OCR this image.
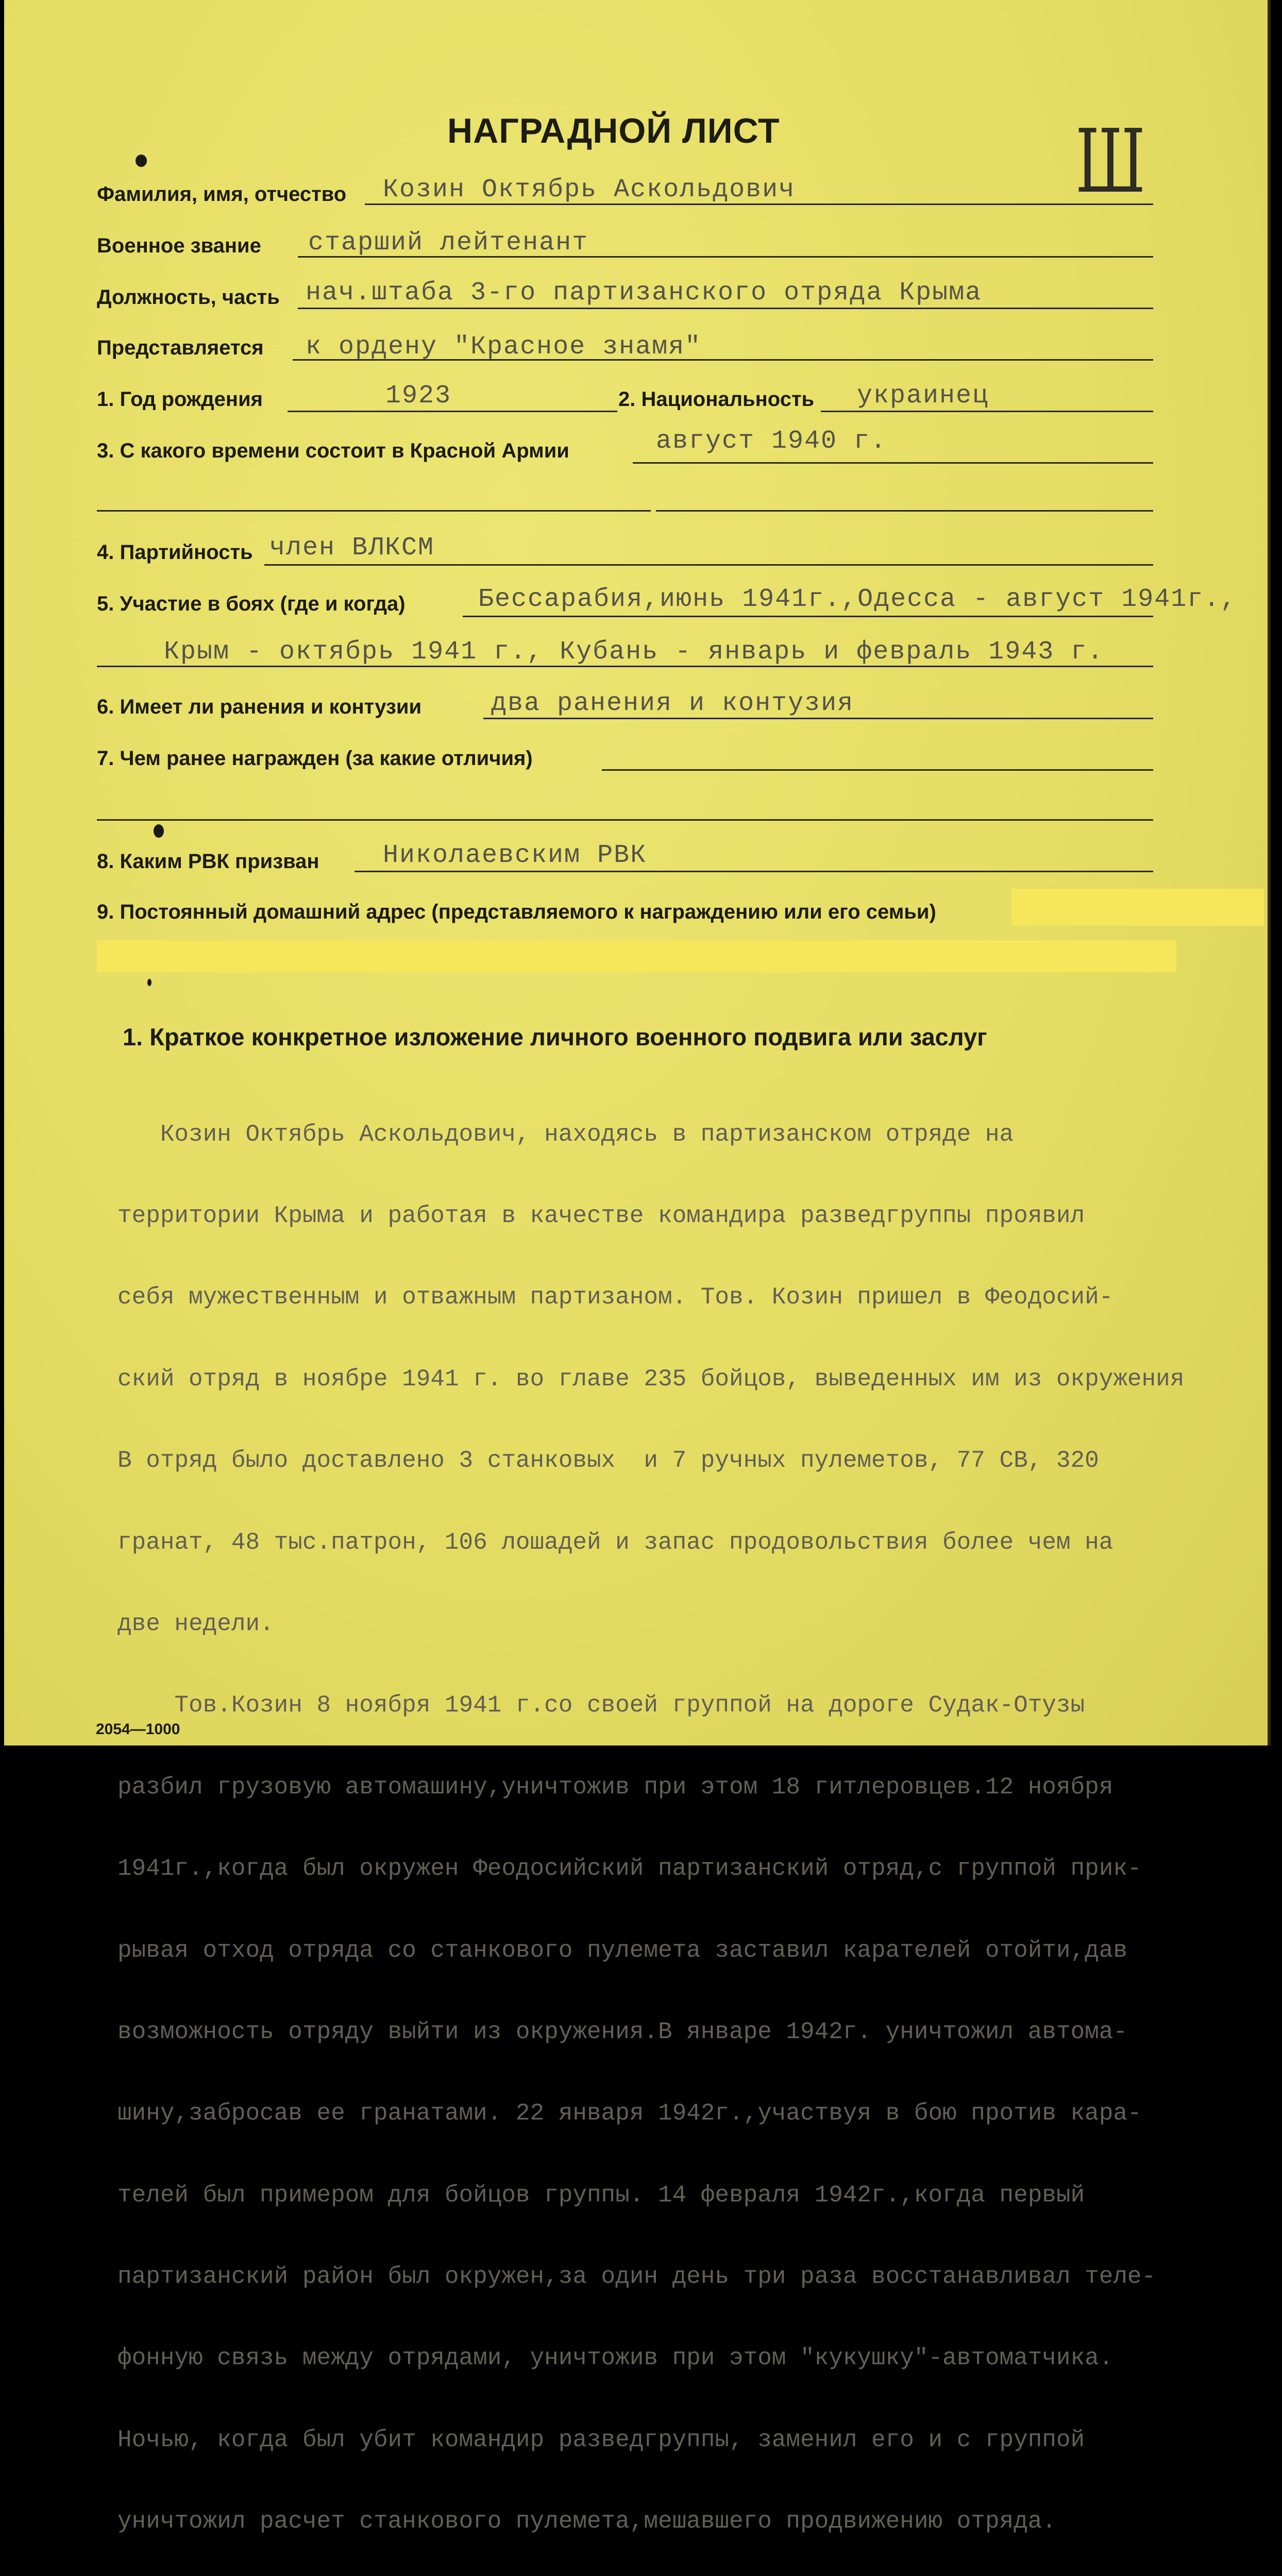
НАГРАДНОЙ ЛИСТ	Ш
Фамилия, имя, отчество Козин Октябрь Аскольдович
Военное звание старший лейтенант
Должность, часть нач.штаба 3-го партизанского отряда Крыма
Представляется к ордену "Красное знамя"
1. Год рождения	1923	2. Национальность украинец
3. С какого времени состоит в Красной Армии	август 1940 г.
4. Партийность член ВЛКСМ
5. Участие в боях (где и когда)	Бессарабия,июнь 1941г.,Одесса - август 1941г.,
Крым - октябрь 1941 г., Кубань - январь и февраль 1943 г.
6. Имеет ли ранения и контузии	два ранения и контузия
7. Чем ранее награжден (за какие отличия)
8. Каким РВК призван Николаевским РВК
9. Постоянный домашний адрес (представляемого к награждению или его семьи)
1. Краткое конкретное изложение личного военного подвига или заслуг

Козин Октябрь Аскольдович, находясь в партизанском отряде на

территории Крыма и работая в качестве командира разведгруппы проявил

себя мужественным и отважным партизаном. Тов. Козин пришел в Феодосий-

ский отряд в ноябре 1941 г. во главе 235 бойцов, выведенных им из окружения

В отряд было доставлено 3 станковых  и 7 ручных пулеметов, 77 СВ, 320

гранат, 48 тыс.патрон, 106 лошадей и запас продовольствия более чем на

две недели.

Тов.Козин 8 ноября 1941 г.со своей группой на дороге Судак-Отузы

разбил грузовую автомашину,уничтожив при этом 18 гитлеровцев.12 ноября

1941г.,когда был окружен Феодосийский партизанский отряд,с группой прик-

рывая отход отряда со станкового пулемета заставил карателей отойти,дав

возможность отряду выйти из окружения.В январе 1942г. уничтожил автома-

шину,забросав ее гранатами. 22 января 1942г.,участвуя в бою против кара-

телей был примером для бойцов группы. 14 февраля 1942г.,когда первый

партизанский район был окружен,за один день три раза восстанавливал теле-

фонную связь между отрядами, уничтожив при этом "кукушку"-автоматчика.

Ночью, когда был убит командир разведгруппы, заменил его и с группой

уничтожил расчет станкового пулемета,мешавшего продвижению отряда.

2054—1000
